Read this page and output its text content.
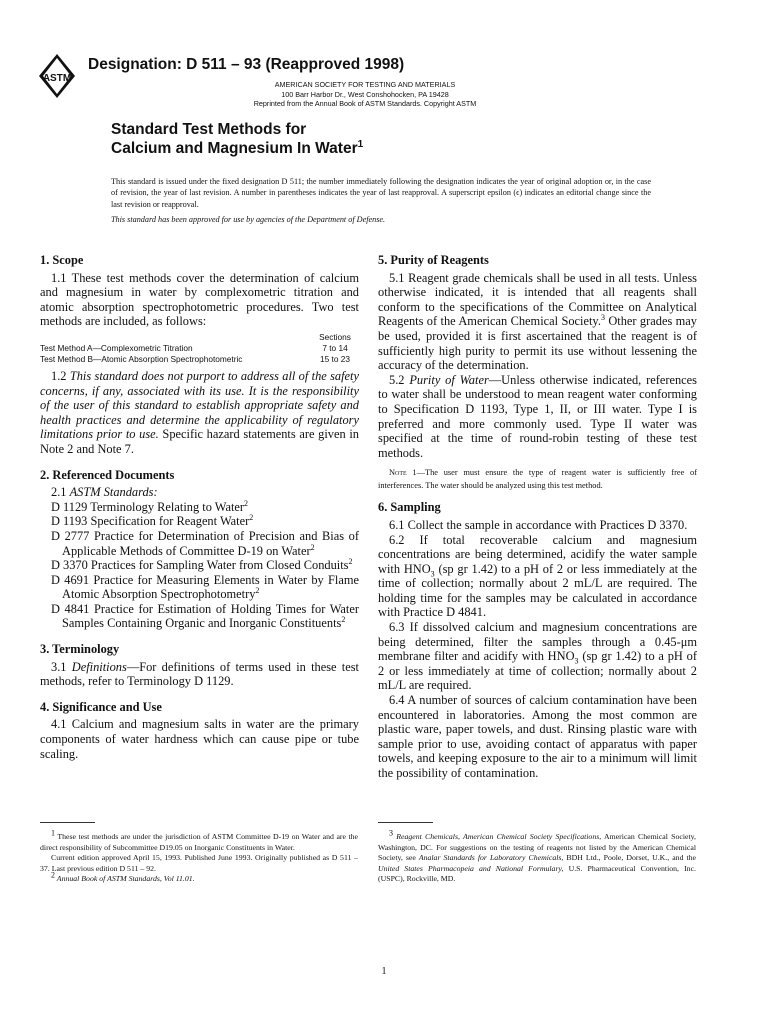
ASTM
Designation: D 511 – 93 (Reapproved 1998)
AMERICAN SOCIETY FOR TESTING AND MATERIALS
100 Barr Harbor Dr., West Conshohocken, PA 19428
Reprinted from the Annual Book of ASTM Standards. Copyright ASTM
Standard Test Methods for
Calcium and Magnesium In Water$^1$
This standard is issued under the fixed designation D 511; the number immediately following the designation indicates the year of original adoption or, in the case of revision, the year of last revision. A number in parentheses indicates the year of last reapproval. A superscript epsilon (ϵ) indicates an editorial change since the last revision or reapproval.
This standard has been approved for use by agencies of the Department of Defense.
1. Scope

1.1 These test methods cover the determination of calcium and magnesium in water by complexometric titration and atomic absorption spectrophotometric procedures. Two test methods are included, as follows:

Sections
Test Method A—Complexometric Titration	7 to 14
Test Method B—Atomic Absorption Spectrophotometric	15 to 23

1.2 This standard does not purport to address all of the safety concerns, if any, associated with its use. It is the responsibility of the user of this standard to establish appropriate safety and health practices and determine the applicability of regulatory limitations prior to use. Specific hazard statements are given in Note 2 and Note 7.

2. Referenced Documents

2.1 ASTM Standards:

D 1129 Terminology Relating to Water$^2$

D 1193 Specification for Reagent Water$^2$

D 2777 Practice for Determination of Precision and Bias of Applicable Methods of Committee D-19 on Water$^2$

D 3370 Practices for Sampling Water from Closed Conduits$^2$

D 4691 Practice for Measuring Elements in Water by Flame Atomic Absorption Spectrophotometry$^2$

D 4841 Practice for Estimation of Holding Times for Water Samples Containing Organic and Inorganic Constituents$^2$

3. Terminology

3.1 Definitions—For definitions of terms used in these test methods, refer to Terminology D 1129.

4. Significance and Use

4.1 Calcium and magnesium salts in water are the primary components of water hardness which can cause pipe or tube scaling.

5. Purity of Reagents

5.1 Reagent grade chemicals shall be used in all tests. Unless otherwise indicated, it is intended that all reagents shall conform to the specifications of the Committee on Analytical Reagents of the American Chemical Society.$^3$ Other grades may be used, provided it is first ascertained that the reagent is of sufficiently high purity to permit its use without lessening the accuracy of the determination.

5.2 Purity of Water—Unless otherwise indicated, references to water shall be understood to mean reagent water conforming to Specification D 1193, Type 1, II, or III water. Type I is preferred and more commonly used. Type II water was specified at the time of round-robin testing of these test methods.

Note 1—The user must ensure the type of reagent water is sufficiently free of interferences. The water should be analyzed using this test method.

6. Sampling

6.1 Collect the sample in accordance with Practices D 3370.

6.2 If total recoverable calcium and magnesium concentrations are being determined, acidify the water sample with $HNO_3$ (sp gr 1.42) to a pH of 2 or less immediately at the time of collection; normally about 2 mL/L are required. The holding time for the samples may be calculated in accordance with Practice D 4841.

6.3 If dissolved calcium and magnesium concentrations are being determined, filter the samples through a 0.45-μm membrane filter and acidify with $HNO_3$ (sp gr 1.42) to a pH of 2 or less immediately at time of collection; normally about 2 mL/L are required.

6.4 A number of sources of calcium contamination have been encountered in laboratories. Among the most common are plastic ware, paper towels, and dust. Rinsing plastic ware with sample prior to use, avoiding contact of apparatus with paper towels, and keeping exposure to the air to a minimum will limit the possibility of contamination.

$^1$ These test methods are under the jurisdiction of ASTM Committee D-19 on Water and are the direct responsibility of Subcommittee D19.05 on Inorganic Constituents in Water.

Current edition approved April 15, 1993. Published June 1993. Originally published as D 511 – 37. Last previous edition D 511 – 92.

$^2$ Annual Book of ASTM Standards, Vol 11.01.

$^3$ Reagent Chemicals, American Chemical Society Specifications, American Chemical Society, Washington, DC. For suggestions on the testing of reagents not listed by the American Chemical Society, see Analar Standards for Laboratory Chemicals, BDH Ltd., Poole, Dorset, U.K., and the United States Pharmacopeia and National Formulary, U.S. Pharmaceutical Convention, Inc. (USPC), Rockville, MD.

1
